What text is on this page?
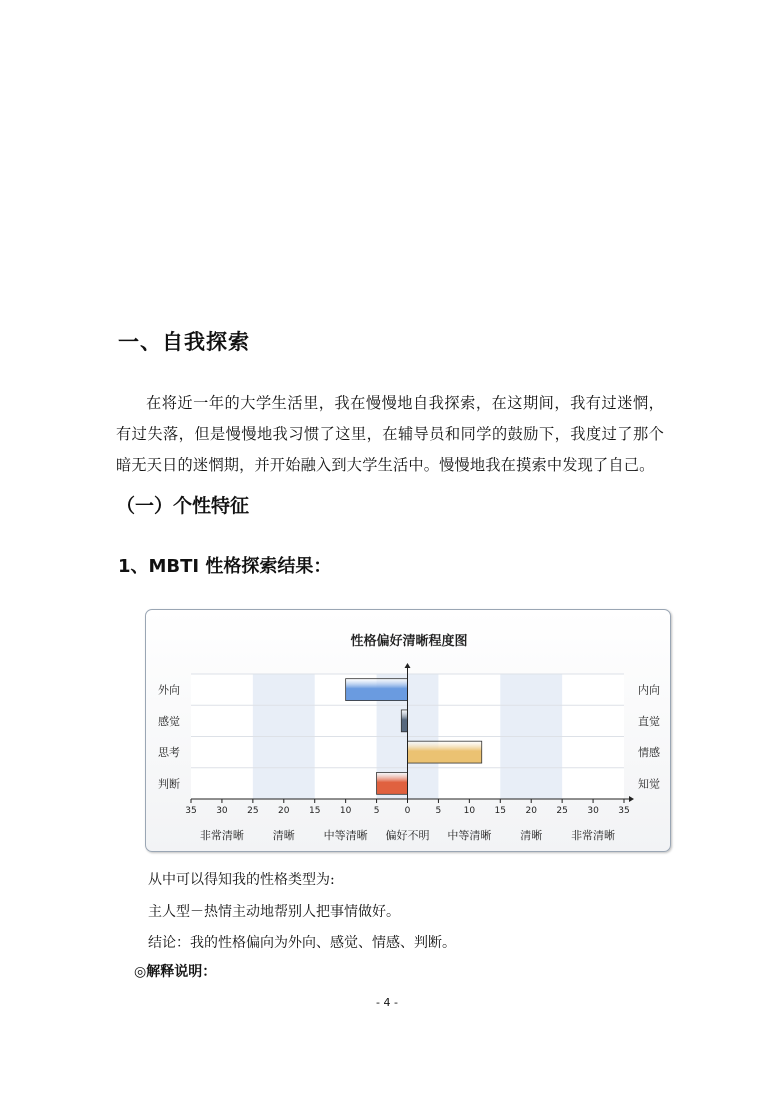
一、自我探索
在将近一年的大学生活里，我在慢慢地自我探索，在这期间，我有过迷惘，有过失落，但是慢慢地我习惯了这里，在辅导员和同学的鼓励下，我度过了那个暗无天日的迷惘期，并开始融入到大学生活中。慢慢地我在摸索中发现了自己。
（一）个性特征
1、MBTI 性格探索结果：
性格偏好清晰程度图
35 30 25 20 15 10 5	0	5 10 15 20 25 30 35
非常清晰	清晰	中等清晰 偏好不明 中等清晰	清晰	非常清晰
外向	内向
感觉	直觉
思考	情感
判断	知觉
从中可以得知我的性格类型为:
主人型－热情主动地帮别人把事情做好。
结论：我的性格偏向为外向、感觉、情感、判断。
◎解释说明：
- 4 -
